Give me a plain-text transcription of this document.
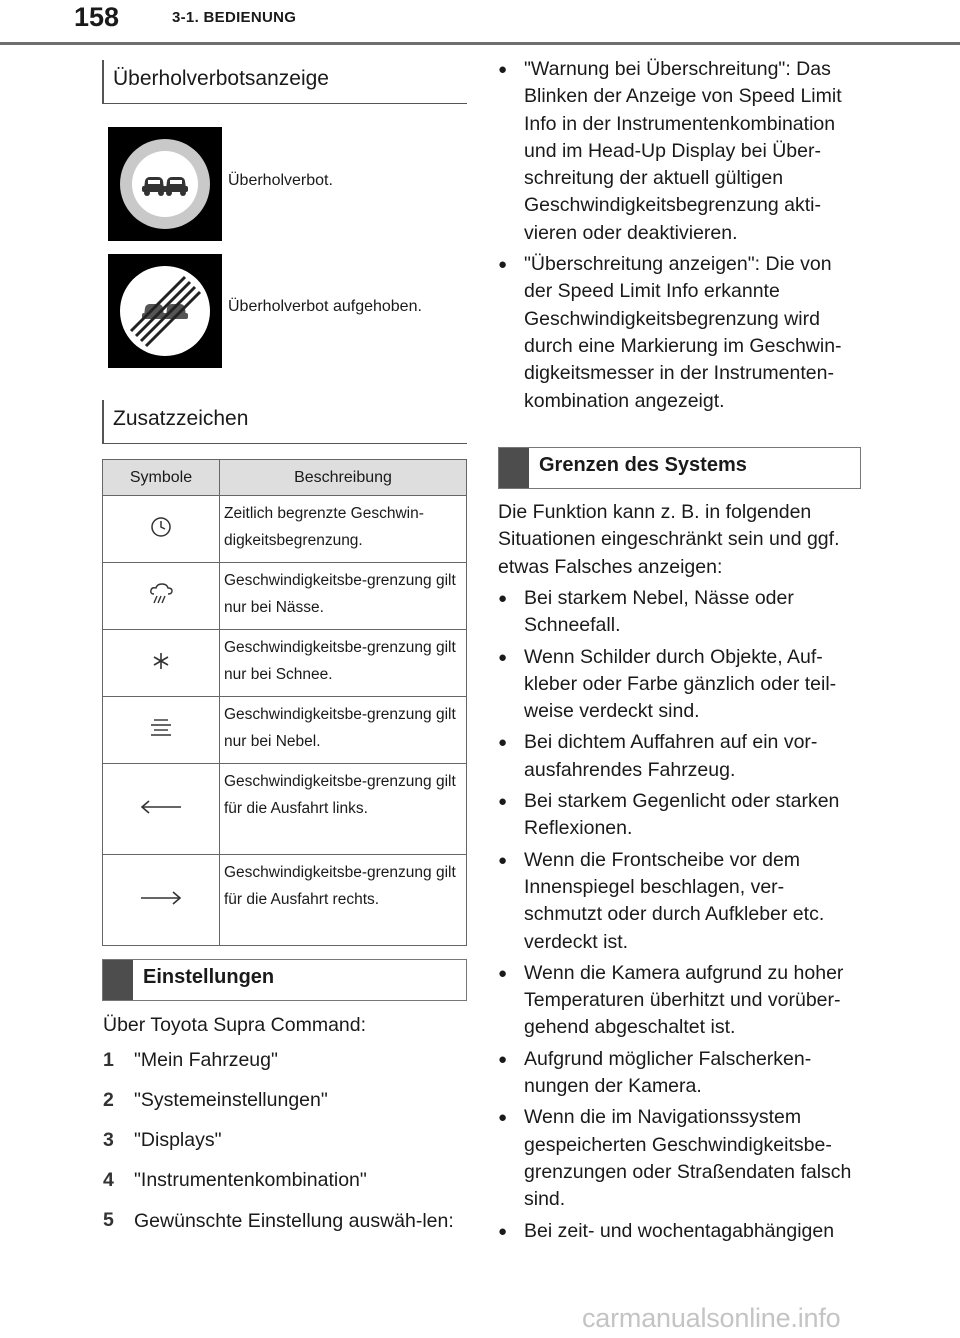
158	3-1. BEDIENUNG
Überholverbotsanzeige
Überholverbot.
Überholverbot aufgehoben.
Zusatzzeichen
Symbole	Beschreibung
	Zeitlich begrenzte Geschwin-digkeitsbegrenzung.
	Geschwindigkeitsbe-grenzung gilt nur bei Nässe.
	Geschwindigkeitsbe-grenzung gilt nur bei Schnee.
	Geschwindigkeitsbe-grenzung gilt nur bei Nebel.
	Geschwindigkeitsbe-grenzung gilt für die Ausfahrt links.
	Geschwindigkeitsbe-grenzung gilt für die Ausfahrt rechts.
Einstellungen

Über Toyota Supra Command:

1	"Mein Fahrzeug"
2	"Systemeinstellungen"
3	"Displays"
4	"Instrumentenkombination"
5	Gewünschte Einstellung auswäh-len:
● "Warnung bei Überschreitung": Das Blinken der Anzeige von Speed Limit Info in der Instrumentenkombination und im Head-Up Display bei Über-schreitung der aktuell gültigen Geschwindigkeitsbegrenzung akti-vieren oder deaktivieren.
● "Überschreitung anzeigen": Die von der Speed Limit Info erkannte Geschwindigkeitsbegrenzung wird durch eine Markierung im Geschwin-digkeitsmesser in der Instrumenten-kombination angezeigt.
Grenzen des Systems
Die Funktion kann z. B. in folgenden Situationen eingeschränkt sein und ggf. etwas Falsches anzeigen:
● Bei starkem Nebel, Nässe oder Schneefall.
● Wenn Schilder durch Objekte, Auf-kleber oder Farbe gänzlich oder teil-weise verdeckt sind.
● Bei dichtem Auffahren auf ein vor-ausfahrendes Fahrzeug.
● Bei starkem Gegenlicht oder starken Reflexionen.
● Wenn die Frontscheibe vor dem Innenspiegel beschlagen, ver-schmutzt oder durch Aufkleber etc. verdeckt ist.
● Wenn die Kamera aufgrund zu hoher Temperaturen überhitzt und vorüber-gehend abgeschaltet ist.
● Aufgrund möglicher Falscherken-nungen der Kamera.
● Wenn die im Navigationssystem gespeicherten Geschwindigkeitsbe-grenzungen oder Straßendaten falsch sind.
● Bei zeit- und wochentagabhängigen
carmanualsonline.info
